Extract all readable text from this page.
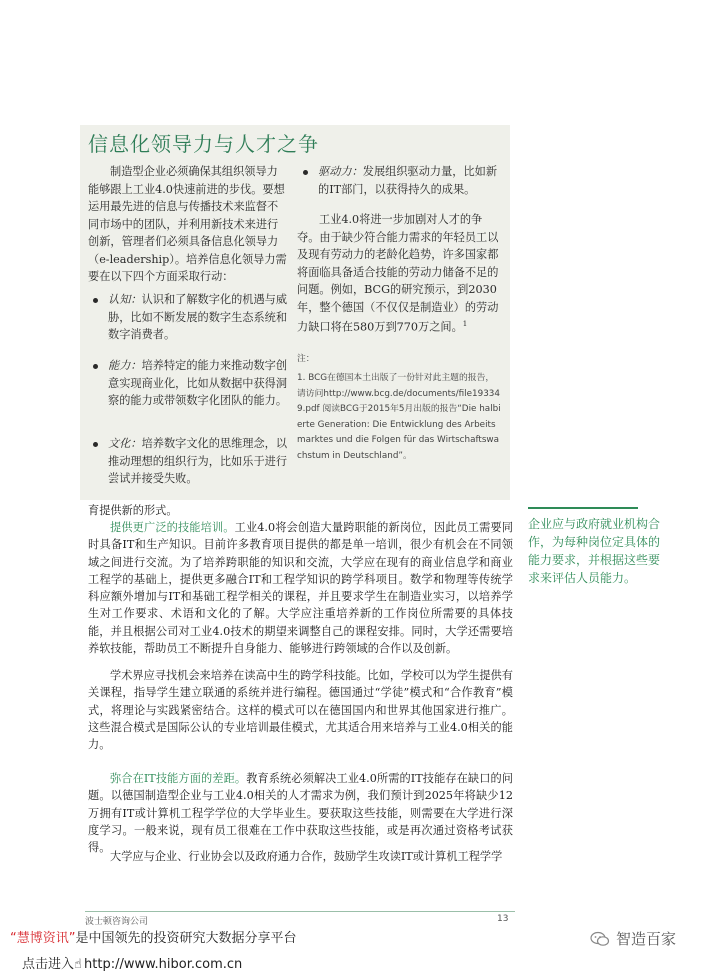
信息化领导力与人才之争
制造型企业必须确保其组织领导力能够跟上工业4.0快速前进的步伐。要想运用最先进的信息与传播技术来监督不同市场中的团队，并利用新技术来进行创新，管理者们必须具备信息化领导力（e-leadership）。培养信息化领导力需要在以下四个方面采取行动：
认知：认识和了解数字化的机遇与威胁，比如不断发展的数字生态系统和数字消费者。
能力：培养特定的能力来推动数字创意实现商业化，比如从数据中获得洞察的能力或带领数字化团队的能力。
文化：培养数字文化的思维理念，以推动理想的组织行为，比如乐于进行尝试并接受失败。
驱动力：发展组织驱动力量，比如新的IT部门，以获得持久的成果。
工业4.0将进一步加剧对人才的争夺。由于缺少符合能力需求的年轻员工以及现有劳动力的老龄化趋势，许多国家都将面临具备适合技能的劳动力储备不足的问题。例如，BCG的研究预示，到2030年，整个德国（不仅仅是制造业）的劳动力缺口将在580万到770万之间。$^1$
注：
1. BCG在德国本土出版了一份针对此主题的报告，请访问http://www.bcg.de/documents/file193349.pdf 阅读BCG于2015年5月出版的报告“Die halbierte Generation: Die Entwicklung des Arbeitsmarktes und die Folgen für das Wirtschaftswachstum in Deutschland”。
育提供新的形式。
提供更广泛的技能培训。工业4.0将会创造大量跨职能的新岗位，因此员工需要同时具备IT和生产知识。目前许多教育项目提供的都是单一培训，很少有机会在不同领域之间进行交流。为了培养跨职能的知识和交流，大学应在现有的商业信息学和商业工程学的基础上，提供更多融合IT和工程学知识的跨学科项目。数学和物理等传统学科应额外增加与IT和基础工程学相关的课程，并且要求学生在制造业实习，以培养学生对工作要求、术语和文化的了解。大学应注重培养新的工作岗位所需要的具体技能，并且根据公司对工业4.0技术的期望来调整自己的课程安排。同时，大学还需要培养软技能，帮助员工不断提升自身能力、能够进行跨领域的合作以及创新。
学术界应寻找机会来培养在读高中生的跨学科技能。比如，学校可以为学生提供有关课程，指导学生建立联通的系统并进行编程。德国通过“学徒”模式和“合作教育”模式，将理论与实践紧密结合。这样的模式可以在德国国内和世界其他国家进行推广。这些混合模式是国际公认的专业培训最佳模式，尤其适合用来培养与工业4.0相关的能力。
弥合在IT技能方面的差距。教育系统必须解决工业4.0所需的IT技能存在缺口的问题。以德国制造型企业与工业4.0相关的人才需求为例，我们预计到2025年将缺少12万拥有IT或计算机工程学学位的大学毕业生。要获取这些技能，则需要在大学进行深度学习。一般来说，现有员工很难在工作中获取这些技能，或是再次通过资格考试获得。
大学应与企业、行业协会以及政府通力合作，鼓励学生攻读IT或计算机工程学学
企业应与政府就业机构合作，为每种岗位定具体的能力要求，并根据这些要求来评估人员能力。
波士顿咨询公司	13
“慧博资讯”是中国领先的投资研究大数据分享平台
点击进入☝ http://www.hibor.com.cn
智造百家
